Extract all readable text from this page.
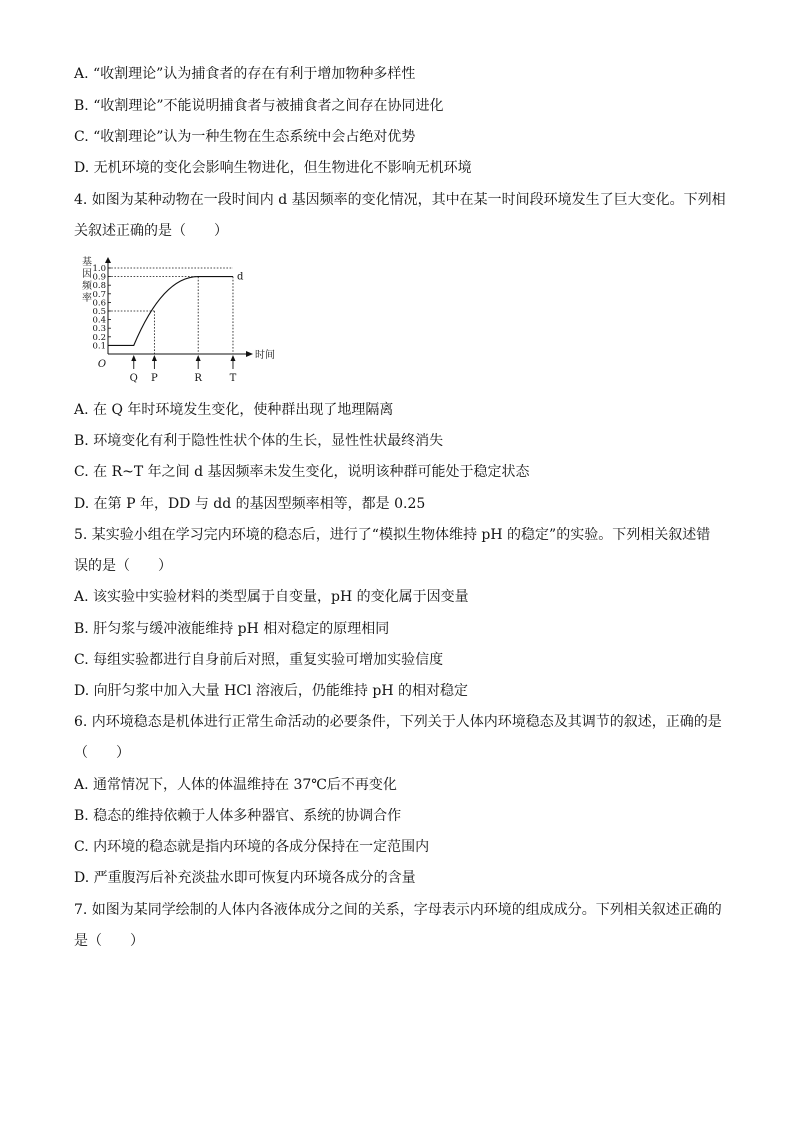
A. “收割理论”认为捕食者的存在有利于增加物种多样性
B. “收割理论”不能说明捕食者与被捕食者之间存在协同进化
C. “收割理论”认为一种生物在生态系统中会占绝对优势
D. 无机环境的变化会影响生物进化，但生物进化不影响无机环境
4. 如图为某种动物在一段时间内 d 基因频率的变化情况，其中在某一时间段环境发生了巨大变化。下列相
关叙述正确的是（　　）
基
因
频
率
0.1
0.2
0.3
0.4
0.5
0.6
0.7
0.8
0.9
1.0
O
时间
Q P	R	T
d
A. 在 Q 年时环境发生变化，使种群出现了地理隔离
B. 环境变化有利于隐性性状个体的生长，显性性状最终消失
C. 在 R~T 年之间 d 基因频率未发生变化，说明该种群可能处于稳定状态
D. 在第 P 年，DD 与 dd 的基因型频率相等，都是 0.25
5. 某实验小组在学习完内环境的稳态后，进行了“模拟生物体维持 pH 的稳定”的实验。下列相关叙述错
误的是（　　）
A. 该实验中实验材料的类型属于自变量，pH 的变化属于因变量
B. 肝匀浆与缓冲液能维持 pH 相对稳定的原理相同
C. 每组实验都进行自身前后对照，重复实验可增加实验信度
D. 向肝匀浆中加入大量 HCl 溶液后，仍能维持 pH 的相对稳定
6. 内环境稳态是机体进行正常生命活动的必要条件，下列关于人体内环境稳态及其调节的叙述，正确的是
（　　）
A. 通常情况下，人体的体温维持在 37℃后不再变化
B. 稳态的维持依赖于人体多种器官、系统的协调合作
C. 内环境的稳态就是指内环境的各成分保持在一定范围内
D. 严重腹泻后补充淡盐水即可恢复内环境各成分的含量
7. 如图为某同学绘制的人体内各液体成分之间的关系，字母表示内环境的组成成分。下列相关叙述正确的
是（　　）
